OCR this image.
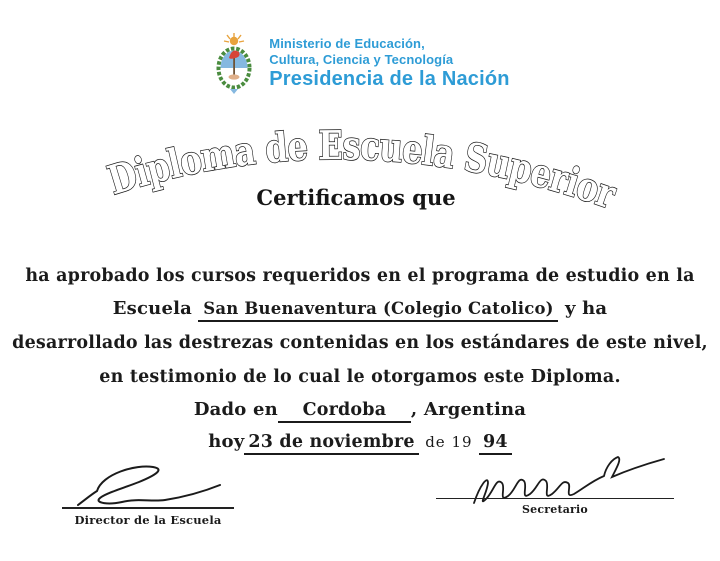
Ministerio de Educación,
Cultura, Ciencia y Tecnología
Presidencia de la Nación
Diploma de Escuela Superior
Certificamos que
ha aprobado los cursos requeridos en el programa de estudio en la
Escuela San Buenaventura (Colegio Catolico) y ha
desarrollado las destrezas contenidas en los estándares de este nivel,
en testimonio de lo cual le otorgamos este Diploma.
Dado en Cordoba , Argentina
hoy 23 de noviembre de 19 94
Director de la Escuela
Secretario
